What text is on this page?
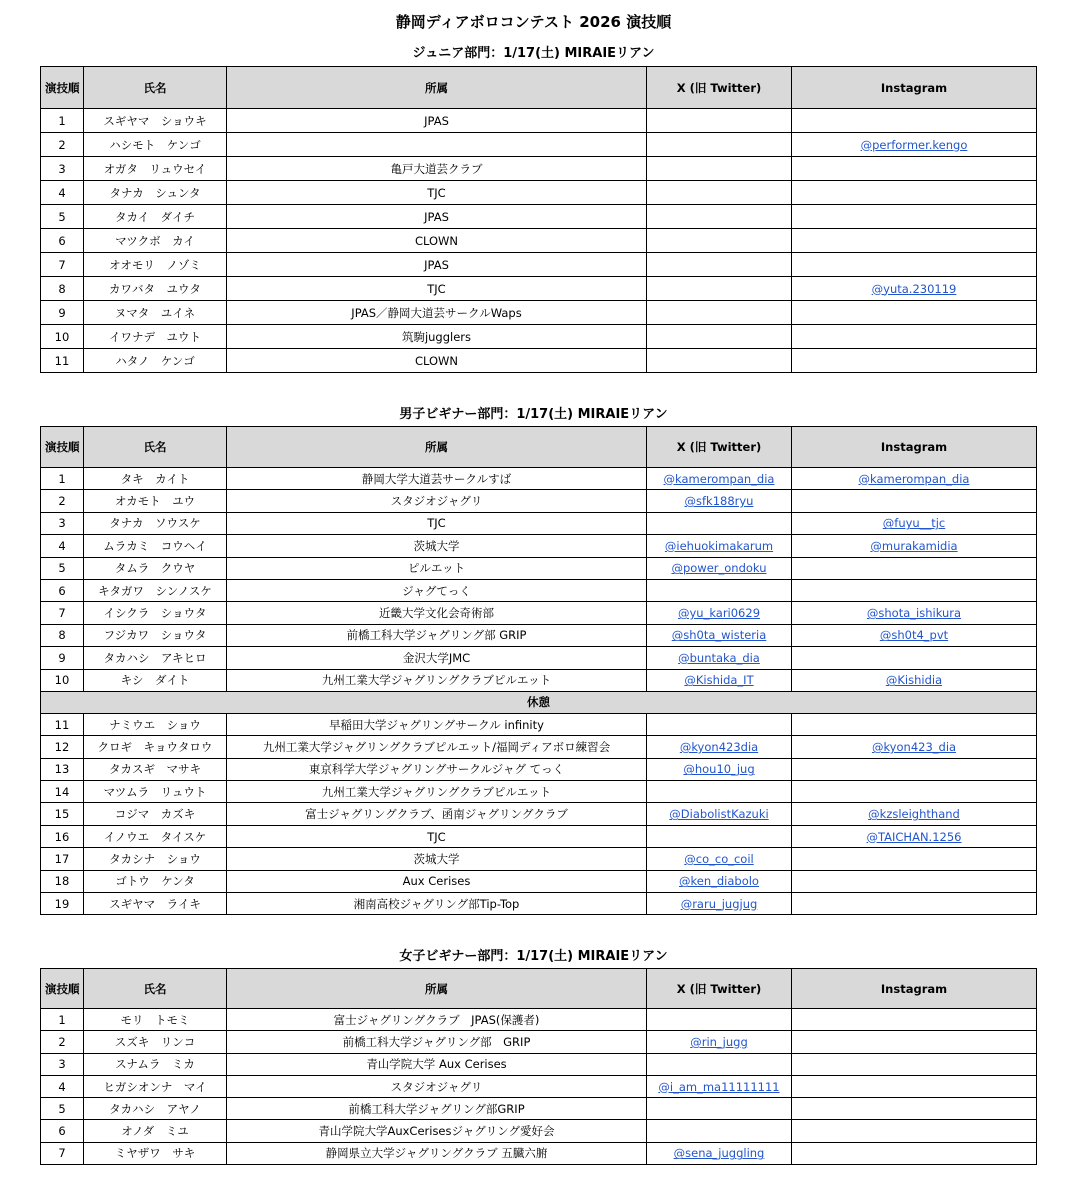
静岡ディアボロコンテスト 2026 演技順
ジュニア部門：1/17(土) MIRAIEリアン
演技順	氏名	所属	X (旧 Twitter)	Instagram
1	スギヤマ　ショウキ	JPAS		
2	ハシモト　ケンゴ			@performer.kengo
3	オガタ　リュウセイ	亀戸大道芸クラブ		
4	タナカ　シュンタ	TJC		
5	タカイ　ダイチ	JPAS		
6	マツクボ　カイ	CLOWN		
7	オオモリ　ノゾミ	JPAS		
8	カワバタ　ユウタ	TJC		@yuta.230119
9	ヌマタ　ユイネ	JPAS／静岡大道芸サークルWaps		
10	イワナデ　ユウト	筑駒jugglers		
11	ハタノ　ケンゴ	CLOWN		
男子ビギナー部門：1/17(土) MIRAIEリアン
演技順	氏名	所属	X (旧 Twitter)	Instagram
1	タキ　カイト	静岡大学大道芸サークルすば	@kamerompan_dia	@kamerompan_dia
2	オカモト　ユウ	スタジオジャグリ	@sfk188ryu	
3	タナカ　ソウスケ	TJC		@fuyu__tjc
4	ムラカミ　コウヘイ	茨城大学	@iehuokimakarum	@murakamidia
5	タムラ　クウヤ	ピルエット	@power_ondoku	
6	キタガワ　シンノスケ	ジャグてっく		
7	イシクラ　ショウタ	近畿大学文化会奇術部	@yu_kari0629	@shota_ishikura
8	フジカワ　ショウタ	前橋工科大学ジャグリング部 GRIP	@sh0ta_wisteria	@sh0t4_pvt
9	タカハシ　アキヒロ	金沢大学JMC	@buntaka_dia	
10	キシ　ダイト	九州工業大学ジャグリングクラブピルエット	@Kishida_IT	@Kishidia
休憩				
11	ナミウエ　ショウ	早稲田大学ジャグリングサークル infinity		
12	クロギ　キョウタロウ	九州工業大学ジャグリングクラブピルエット/福岡ディアボロ練習会	@kyon423dia	@kyon423_dia
13	タカスギ　マサキ	東京科学大学ジャグリングサークルジャグ てっく	@hou10_jug	
14	マツムラ　リュウト	九州工業大学ジャグリングクラブピルエット		
15	コジマ　カズキ	富士ジャグリングクラブ、函南ジャグリングクラブ	@DiabolistKazuki	@kzsleighthand
16	イノウエ　タイスケ	TJC		@TAICHAN.1256
17	タカシナ　ショウ	茨城大学	@co_co_coil	
18	ゴトウ　ケンタ	Aux Cerises	@ken_diabolo	
19	スギヤマ　ライキ	湘南高校ジャグリング部Tip-Top	@raru_jugjug	
女子ビギナー部門：1/17(土) MIRAIEリアン
演技順	氏名	所属	X (旧 Twitter)	Instagram
1	モリ　トモミ	富士ジャグリングクラブ　JPAS(保護者)		
2	スズキ　リンコ	前橋工科大学ジャグリング部　GRIP	@rin_jugg	
3	スナムラ　ミカ	青山学院大学 Aux Cerises		
4	ヒガシオンナ　マイ	スタジオジャグリ	@i_am_ma11111111	
5	タカハシ　アヤノ	前橋工科大学ジャグリング部GRIP		
6	オノダ　ミユ	青山学院大学AuxCerisesジャグリング愛好会		
7	ミヤザワ　サキ	静岡県立大学ジャグリングクラブ 五臓六腑	@sena_juggling	
